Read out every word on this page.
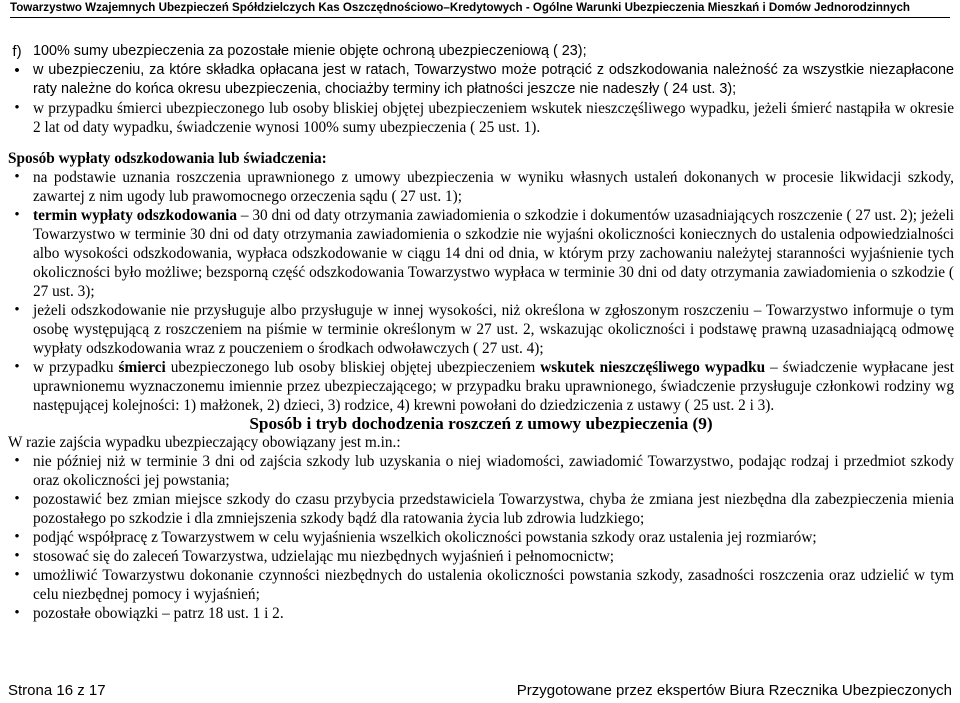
Towarzystwo Wzajemnych Ubezpieczeń Spółdzielczych Kas Oszczędnościowo–Kredytowych - Ogólne Warunki Ubezpieczenia Mieszkań i Domów Jednorodzinnych
f) 100% sumy ubezpieczenia za pozostałe mienie objęte ochroną ubezpieczeniową ( 23);
• w ubezpieczeniu, za które składka opłacana jest w ratach, Towarzystwo może potrącić z odszkodowania należność za wszystkie niezapłacone raty należne do końca okresu ubezpieczenia, chociażby terminy ich płatności jeszcze nie nadeszły ( 24 ust. 3);
• w przypadku śmierci ubezpieczonego lub osoby bliskiej objętej ubezpieczeniem wskutek nieszczęśliwego wypadku, jeżeli śmierć nastąpiła w okresie 2 lat od daty wypadku, świadczenie wynosi 100% sumy ubezpieczenia ( 25 ust. 1).
Sposób wypłaty odszkodowania lub świadczenia:
• na podstawie uznania roszczenia uprawnionego z umowy ubezpieczenia w wyniku własnych ustaleń dokonanych w procesie likwidacji szkody, zawartej z nim ugody lub prawomocnego orzeczenia sądu ( 27 ust. 1);
• termin wypłaty odszkodowania – 30 dni od daty otrzymania zawiadomienia o szkodzie i dokumentów uzasadniających roszczenie ( 27 ust. 2); jeżeli Towarzystwo w terminie 30 dni od daty otrzymania zawiadomienia o szkodzie nie wyjaśni okoliczności koniecznych do ustalenia odpowiedzialności albo wysokości odszkodowania, wypłaca odszkodowanie w ciągu 14 dni od dnia, w którym przy zachowaniu należytej staranności wyjaśnienie tych okoliczności było możliwe; bezsporną część odszkodowania Towarzystwo wypłaca w terminie 30 dni od daty otrzymania zawiadomienia o szkodzie ( 27 ust. 3);
• jeżeli odszkodowanie nie przysługuje albo przysługuje w innej wysokości, niż określona w zgłoszonym roszczeniu – Towarzystwo informuje o tym osobę występującą z roszczeniem na piśmie w terminie określonym w 27 ust. 2, wskazując okoliczności i podstawę prawną uzasadniającą odmowę wypłaty odszkodowania wraz z pouczeniem o środkach odwoławczych ( 27 ust. 4);
• w przypadku śmierci ubezpieczonego lub osoby bliskiej objętej ubezpieczeniem wskutek nieszczęśliwego wypadku – świadczenie wypłacane jest uprawnionemu wyznaczonemu imiennie przez ubezpieczającego; w przypadku braku uprawnionego, świadczenie przysługuje członkowi rodziny wg następującej kolejności: 1) małżonek, 2) dzieci, 3) rodzice, 4) krewni powołani do dziedziczenia z ustawy ( 25 ust. 2 i 3).
Sposób i tryb dochodzenia roszczeń z umowy ubezpieczenia (9)
W razie zajścia wypadku ubezpieczający obowiązany jest m.in.:
• nie później niż w terminie 3 dni od zajścia szkody lub uzyskania o niej wiadomości, zawiadomić Towarzystwo, podając rodzaj i przedmiot szkody oraz okoliczności jej powstania;
• pozostawić bez zmian miejsce szkody do czasu przybycia przedstawiciela Towarzystwa, chyba że zmiana jest niezbędna dla zabezpieczenia mienia pozostałego po szkodzie i dla zmniejszenia szkody bądź dla ratowania życia lub zdrowia ludzkiego;
• podjąć współpracę z Towarzystwem w celu wyjaśnienia wszelkich okoliczności powstania szkody oraz ustalenia jej rozmiarów;
• stosować się do zaleceń Towarzystwa, udzielając mu niezbędnych wyjaśnień i pełnomocnictw;
• umożliwić Towarzystwu dokonanie czynności niezbędnych do ustalenia okoliczności powstania szkody, zasadności roszczenia oraz udzielić w tym celu niezbędnej pomocy i wyjaśnień;
• pozostałe obowiązki – patrz 18 ust. 1 i 2.
Strona 16 z 17	Przygotowane przez ekspertów Biura Rzecznika Ubezpieczonych
